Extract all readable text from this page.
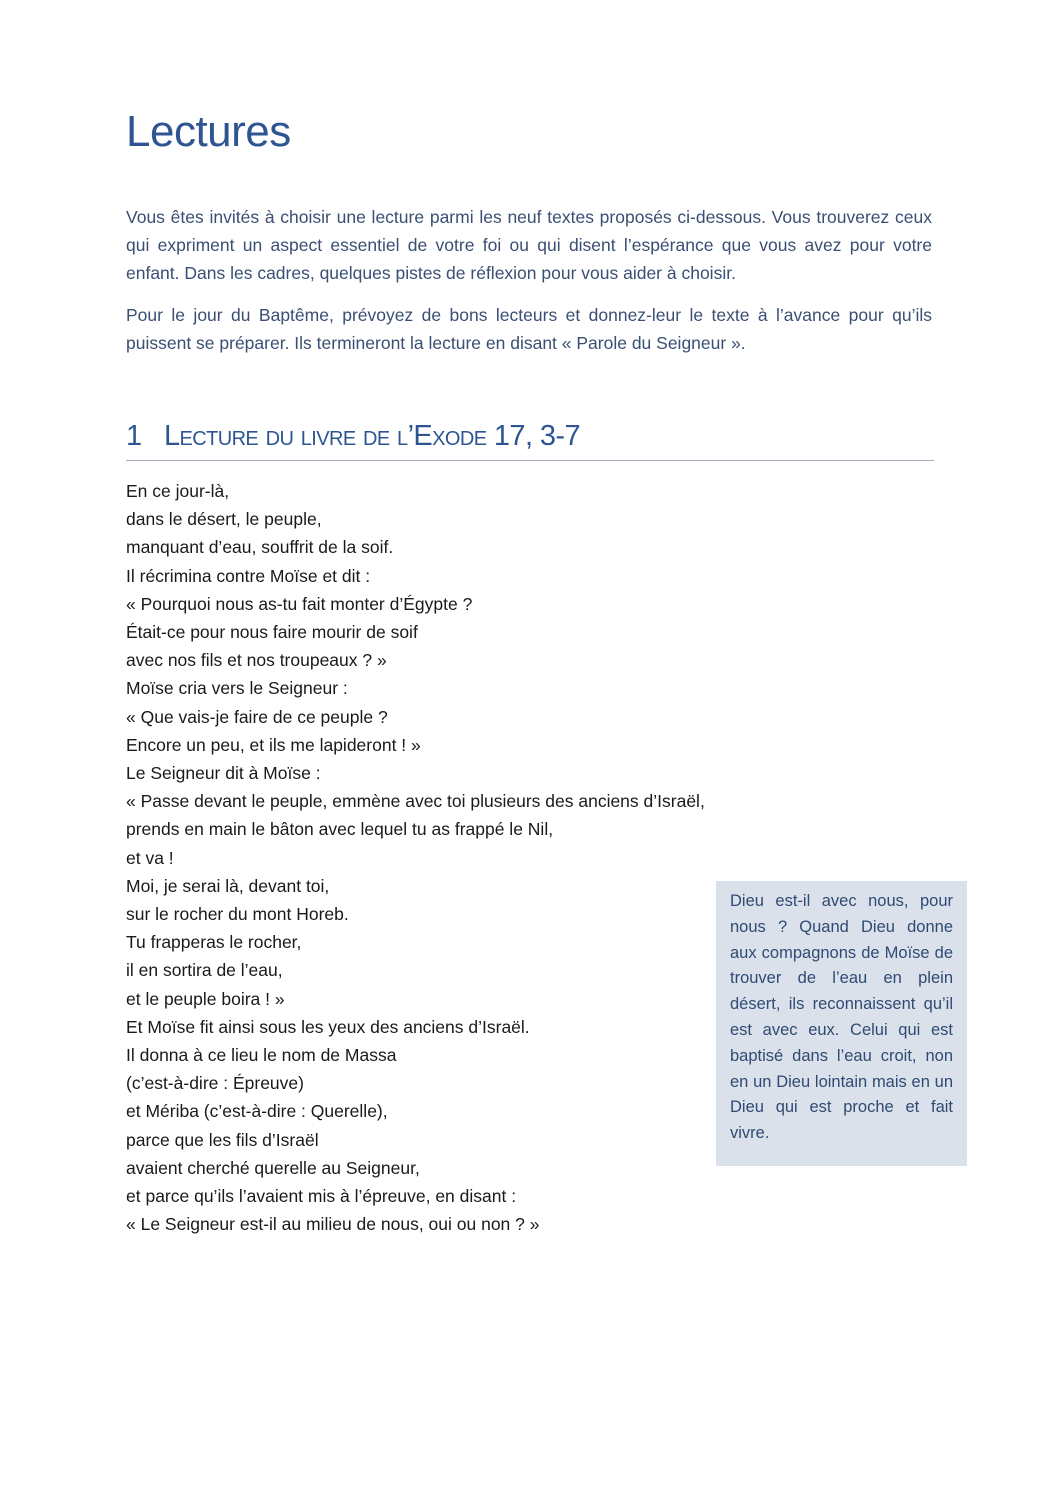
Lectures

Vous êtes invités à choisir une lecture parmi les neuf textes proposés ci-dessous. Vous trouverez ceux qui expriment un aspect essentiel de votre foi ou qui disent l’espérance que vous avez pour votre enfant. Dans les cadres, quelques pistes de réflexion pour vous aider à choisir.

Pour le jour du Baptême, prévoyez de bons lecteurs et donnez-leur le texte à l’avance pour qu’ils puissent se préparer. Ils termineront la lecture en disant « Parole du Seigneur ».

1 Lecture du livre de l’Exode 17, 3-7
En ce jour-là,
dans le désert, le peuple,
manquant d’eau, souffrit de la soif.
Il récrimina contre Moïse et dit :
« Pourquoi nous as-tu fait monter d’Égypte ?
Était-ce pour nous faire mourir de soif
avec nos fils et nos troupeaux ? »
Moïse cria vers le Seigneur :
« Que vais-je faire de ce peuple ?
Encore un peu, et ils me lapideront ! »
Le Seigneur dit à Moïse :
« Passe devant le peuple, emmène avec toi plusieurs des anciens d’Israël,
prends en main le bâton avec lequel tu as frappé le Nil,
et va !
Moi, je serai là, devant toi,
sur le rocher du mont Horeb.
Tu frapperas le rocher,
il en sortira de l’eau,
et le peuple boira ! »
Et Moïse fit ainsi sous les yeux des anciens d’Israël.
Il donna à ce lieu le nom de Massa
(c’est-à-dire : Épreuve)
et Mériba (c’est-à-dire : Querelle),
parce que les fils d’Israël
avaient cherché querelle au Seigneur,
et parce qu’ils l’avaient mis à l’épreuve, en disant :
« Le Seigneur est-il au milieu de nous, oui ou non ? »

Dieu est-il avec nous, pour nous ? Quand Dieu donne aux compagnons de Moïse de trouver de l’eau en plein désert, ils reconnaissent qu’il est avec eux. Celui qui est baptisé dans l’eau croit, non en un Dieu lointain mais en un Dieu qui est proche et fait vivre.
